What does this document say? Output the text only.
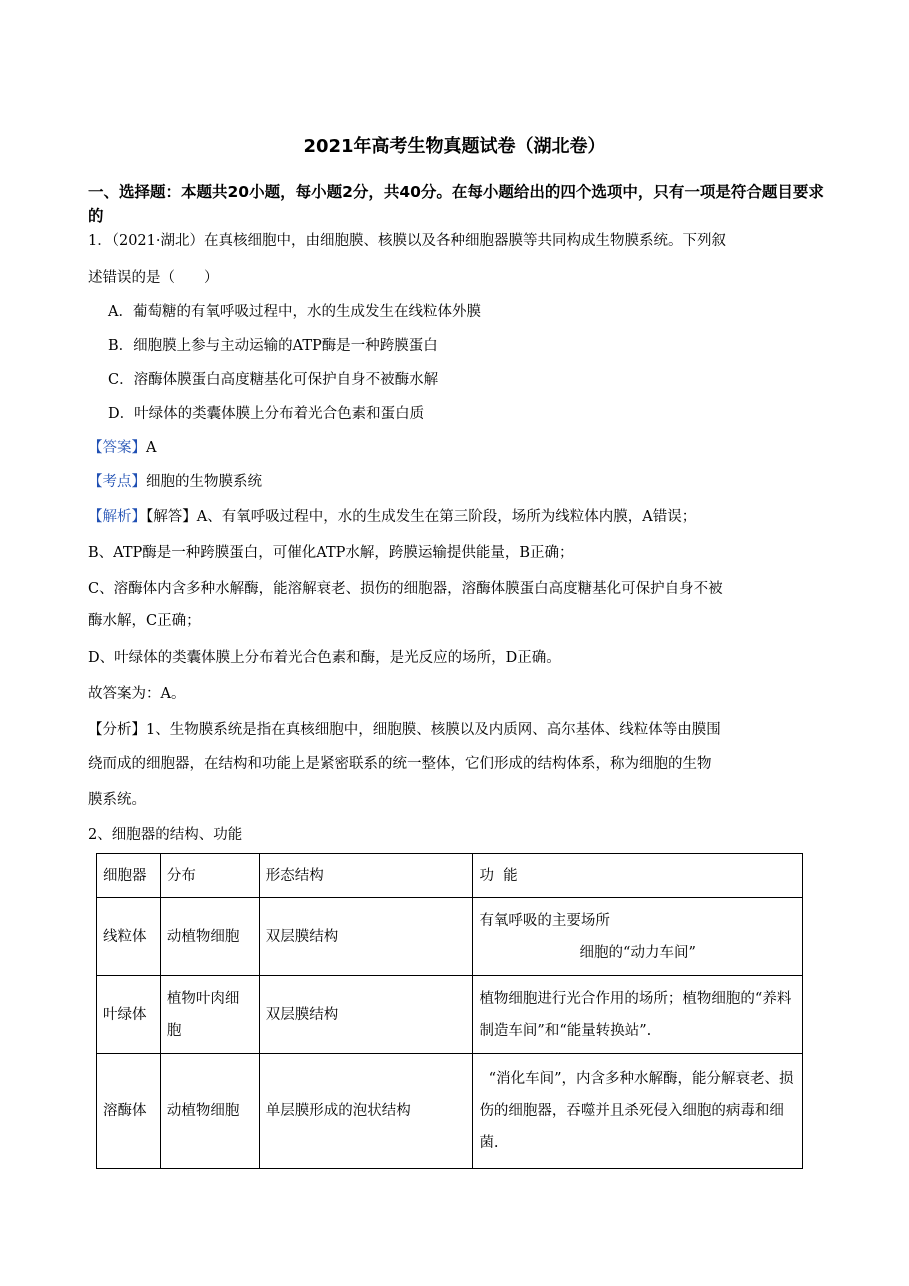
2021年高考生物真题试卷（湖北卷）
一、选择题：本题共20小题，每小题2分，共40分。在每小题给出的四个选项中，只有一项是符合题目要求的
1．（2021·湖北）在真核细胞中，由细胞膜、核膜以及各种细胞器膜等共同构成生物膜系统。下列叙
述错误的是（　　）
A．葡萄糖的有氧呼吸过程中，水的生成发生在线粒体外膜
B．细胞膜上参与主动运输的ATP酶是一种跨膜蛋白
C．溶酶体膜蛋白高度糖基化可保护自身不被酶水解
D．叶绿体的类囊体膜上分布着光合色素和蛋白质
【答案】A
【考点】细胞的生物膜系统
【解析】【解答】A、有氧呼吸过程中，水的生成发生在第三阶段，场所为线粒体内膜，A错误；
B、ATP酶是一种跨膜蛋白，可催化ATP水解，跨膜运输提供能量，B正确；
C、溶酶体内含多种水解酶，能溶解衰老、损伤的细胞器，溶酶体膜蛋白高度糖基化可保护自身不被
酶水解，C正确；
D、叶绿体的类囊体膜上分布着光合色素和酶，是光反应的场所，D正确。
故答案为：A。
【分析】1、生物膜系统是指在真核细胞中，细胞膜、核膜以及内质网、高尔基体、线粒体等由膜围
绕而成的细胞器，在结构和功能上是紧密联系的统一整体，它们形成的结构体系，称为细胞的生物
膜系统。
2、细胞器的结构、功能
细胞器	分布	形态结构	功  能
线粒体	动植物细胞	双层膜结构	有氧呼吸的主要场所
细胞的“动力车间”

叶绿体	植物叶肉细胞	双层膜结构	植物细胞进行光合作用的场所；植物细胞的“养料制造车间”和“能量转换站”.
溶酶体	动植物细胞	单层膜形成的泡状结构	“消化车间”，内含多种水解酶，能分解衰老、损伤的细胞器，吞噬并且杀死侵入细胞的病毒和细菌.
